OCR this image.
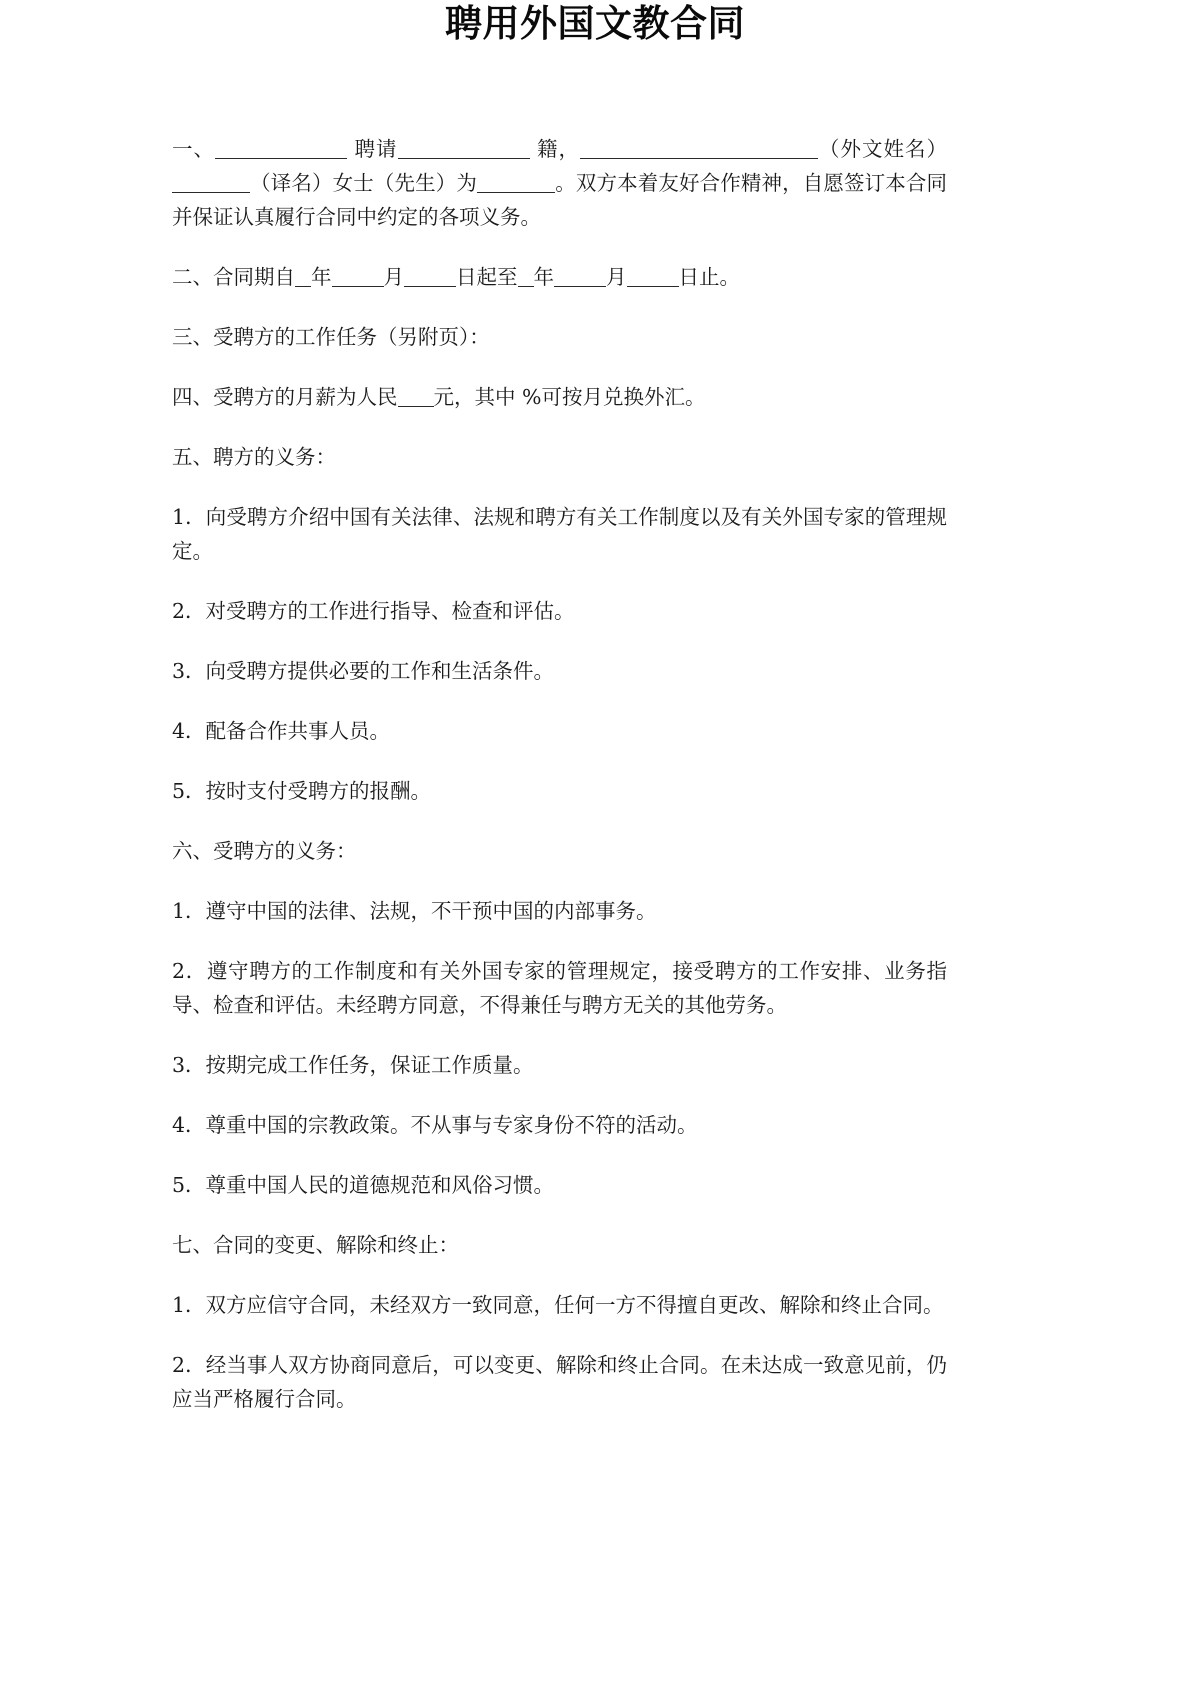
聘用外国文教合同

一、	聘请	籍，	（外文姓名）（译名）女士（先生）为	。双方本着友好合作精神，自愿签订本合同并保证认真履行合同中约定的各项义务。

二、合同期自 年	月	日起至 年	月	日止。

三、受聘方的工作任务（另附页）：

四、受聘方的月薪为人民 元，其中 %可按月兑换外汇。

五、聘方的义务：

1．向受聘方介绍中国有关法律、法规和聘方有关工作制度以及有关外国专家的管理规定。

2．对受聘方的工作进行指导、检查和评估。

3．向受聘方提供必要的工作和生活条件。

4．配备合作共事人员。

5．按时支付受聘方的报酬。

六、受聘方的义务：

1．遵守中国的法律、法规，不干预中国的内部事务。

2．遵守聘方的工作制度和有关外国专家的管理规定，接受聘方的工作安排、业务指导、检查和评估。未经聘方同意，不得兼任与聘方无关的其他劳务。

3．按期完成工作任务，保证工作质量。

4．尊重中国的宗教政策。不从事与专家身份不符的活动。

5．尊重中国人民的道德规范和风俗习惯。

七、合同的变更、解除和终止：

1．双方应信守合同，未经双方一致同意，任何一方不得擅自更改、解除和终止合同。

2．经当事人双方协商同意后，可以变更、解除和终止合同。在未达成一致意见前，仍应当严格履行合同。
